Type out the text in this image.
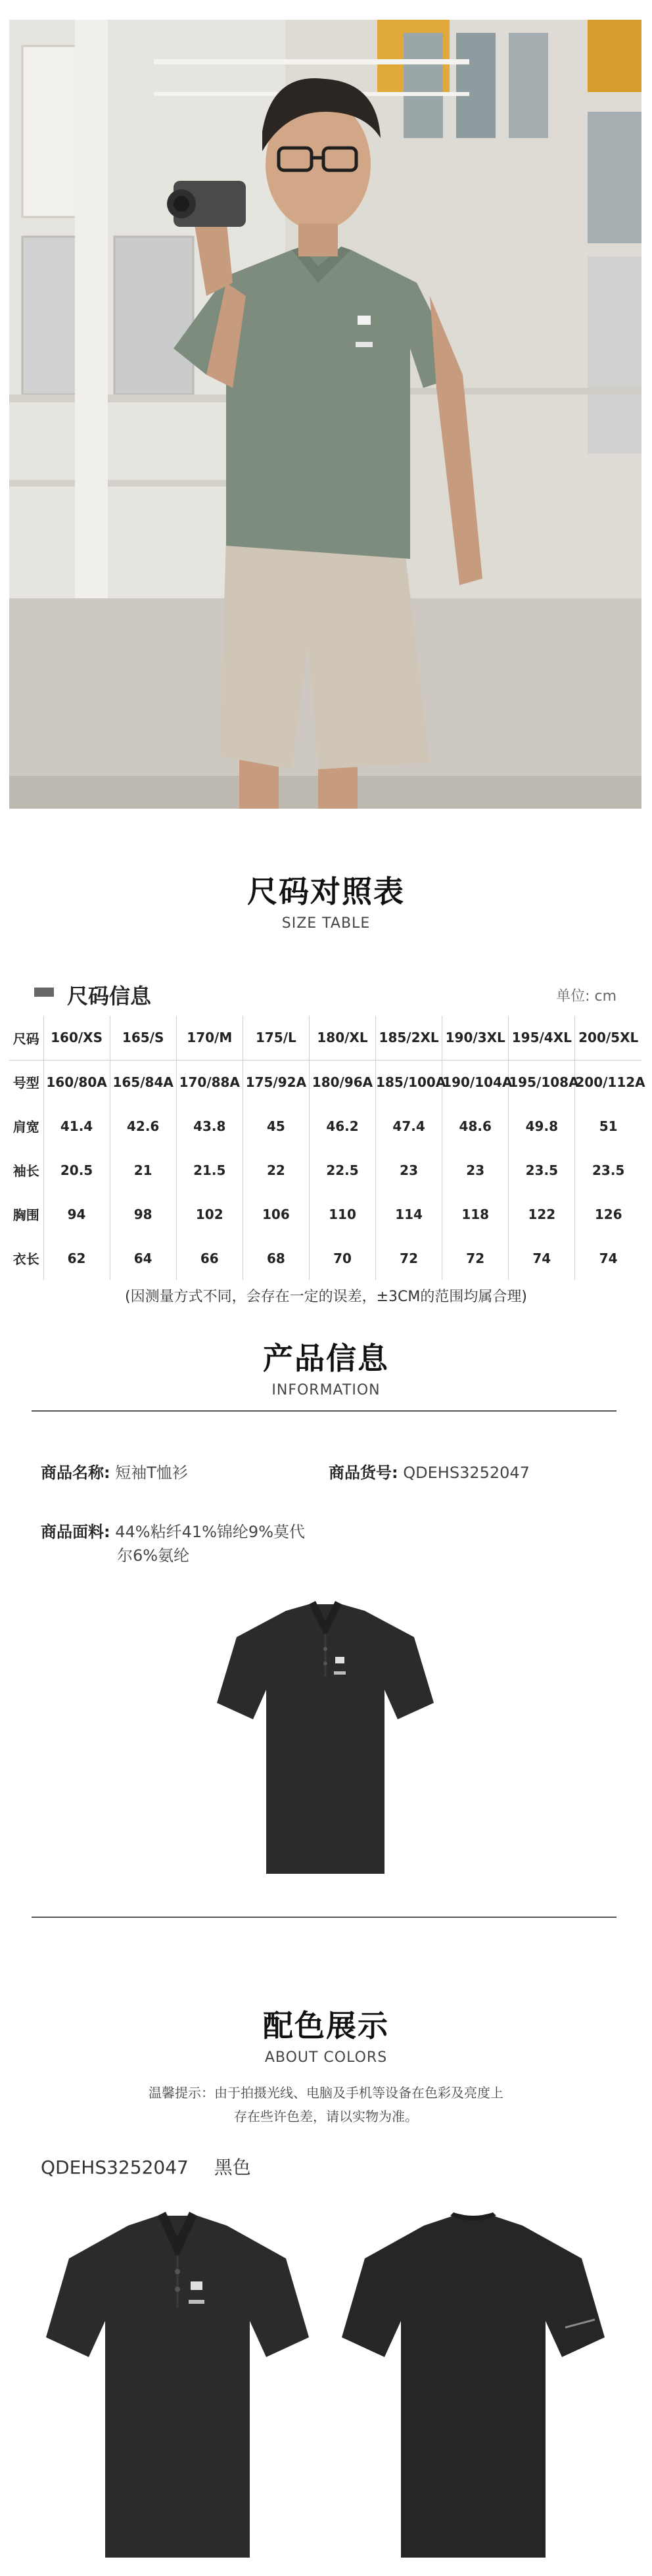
尺码对照表
SIZE TABLE
尺码信息	单位: cm
尺码	160/XS	165/S	170/M	175/L	180/XL	185/2XL	190/3XL	195/4XL	200/5XL
号型	160/80A	165/84A	170/88A	175/92A	180/96A	185/100A	190/104A	195/108A	200/112A
肩宽	41.4	42.6	43.8	45	46.2	47.4	48.6	49.8	51
袖长	20.5	21	21.5	22	22.5	23	23	23.5	23.5
胸围	94	98	102	106	110	114	118	122	126
衣长	62	64	66	68	70	72	72	74	74
(因测量方式不同，会存在一定的误差，±3CM的范围均属合理)
产品信息
INFORMATION
商品名称: 短袖T恤衫	商品货号: QDEHS3252047
商品面料: 44%粘纤41%锦纶9%莫代
尔6%氨纶
配色展示
ABOUT COLORS
温馨提示：由于拍摄光线、电脑及手机等设备在色彩及亮度上
存在些许色差，请以实物为准。
QDEHS3252047 黑色
